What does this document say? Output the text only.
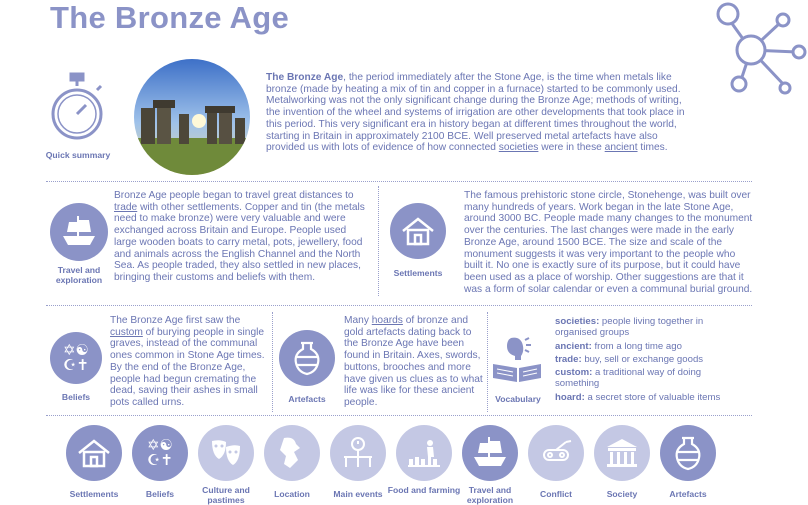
The Bronze Age
Quick summary
The Bronze Age, the period immediately after the Stone Age, is the time when metals like bronze (made by heating a mix of tin and copper in a furnace) started to be commonly used. Metalworking was not the only significant change during the Bronze Age; methods of writing, the invention of the wheel and systems of irrigation are other developments that took place in this period. This very significant era in history began at different times throughout the world, starting in Britain in approximately 2100 BCE. Well preserved metal artefacts have also provided us with lots of evidence of how connected societies were in these ancient times.
Travel and exploration
Bronze Age people began to travel great distances to trade with other settlements. Copper and tin (the metals need to make bronze) were very valuable and were exchanged across Britain and Europe. People used large wooden boats to carry metal, pots, jewellery, food and animals across the English Channel and the North Sea. As people traded, they also settled in new places, bringing their customs and beliefs with them.	Settlements
The famous prehistoric stone circle, Stonehenge, was built over many hundreds of years. Work began in the late Stone Age, around 3000 BC. People made many changes to the monument over the centuries. The last changes were made in the early Bronze Age, around 1500 BCE. The size and scale of the monument suggests it was very important to the people who built it. No one is exactly sure of its purpose, but it could have been used as a place of worship. Other suggestions are that it was a form of solar calendar or even a communal burial ground.
✡☯
☪✝
Beliefs
The Bronze Age first saw the custom of burying people in single graves, instead of the communal ones common in Stone Age times. By the end of the Bronze Age, people had begun cremating the dead, saving their ashes in small pots called urns.	Artefacts
Many hoards of bronze and gold artefacts dating back to the Bronze Age have been found in Britain. Axes, swords, buttons, brooches and more have given us clues as to what life was like for these ancient people.	Vocabulary
societies: people living together in organised groups
ancient: from a long time ago
trade: buy, sell or exchange goods
custom: a traditional way of doing something
hoard: a secret store of valuable items
Settlements
✡☯
☪✝
Beliefs	Culture and pastimes
Location	Main events Food and farming Travel and exploration
Conflict	Society	Artefacts
